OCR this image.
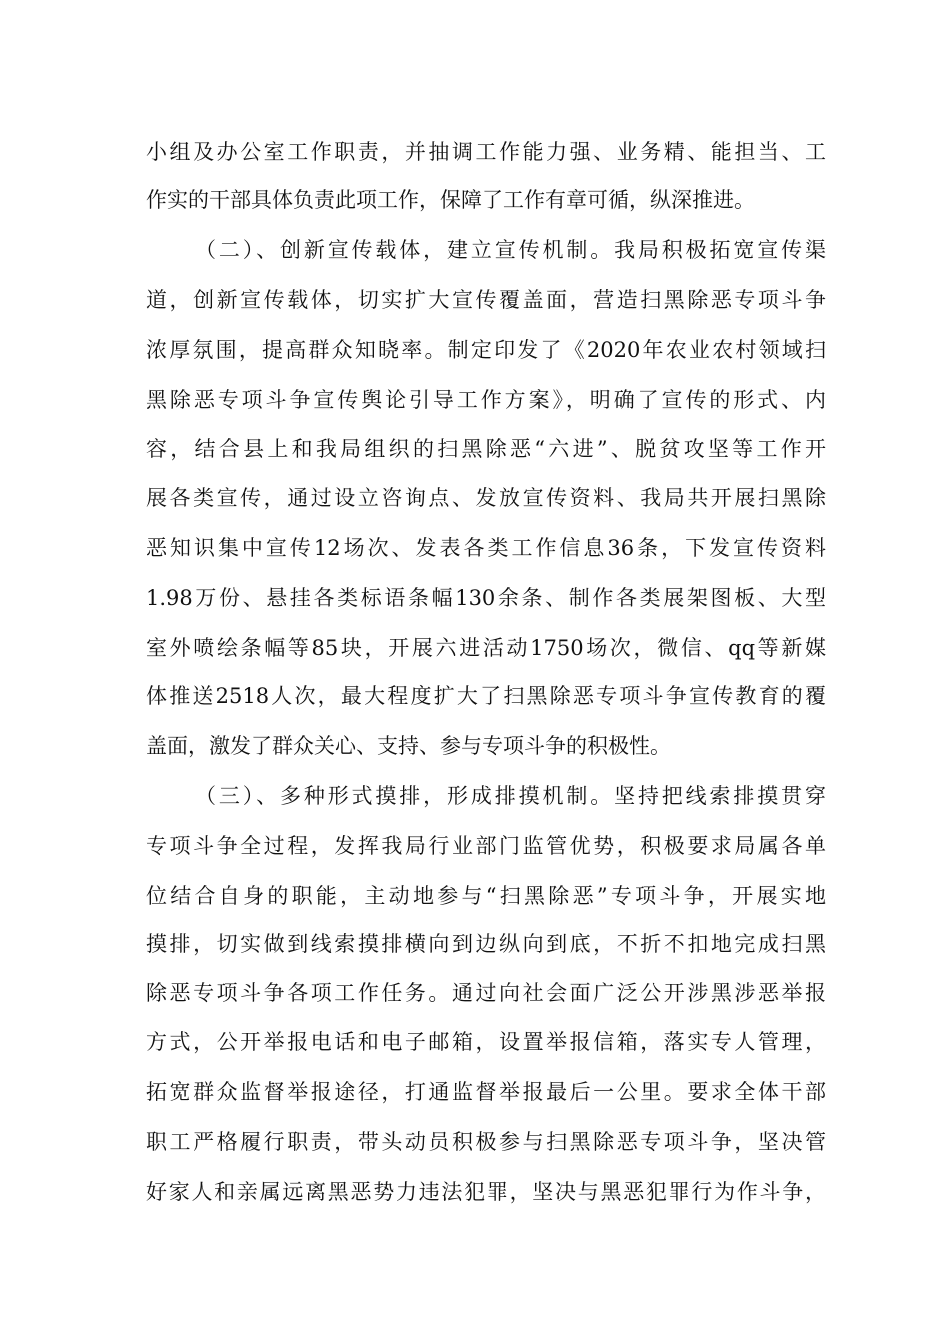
小组及办公室工作职责，并抽调工作能力强、业务精、能担当、工
作实的干部具体负责此项工作，保障了工作有章可循，纵深推进。
（二）、创新宣传载体，建立宣传机制。我局积极拓宽宣传渠
道，创新宣传载体，切实扩大宣传覆盖面，营造扫黑除恶专项斗争
浓厚氛围，提高群众知晓率。制定印发了《2020年农业农村领域扫
黑除恶专项斗争宣传舆论引导工作方案》，明确了宣传的形式、内
容，结合县上和我局组织的扫黑除恶“六进”、脱贫攻坚等工作开
展各类宣传，通过设立咨询点、发放宣传资料、我局共开展扫黑除
恶知识集中宣传12场次、发表各类工作信息36条，下发宣传资料
1.98万份、悬挂各类标语条幅130余条、制作各类展架图板、大型
室外喷绘条幅等85块，开展六进活动1750场次，微信、qq等新媒
体推送2518人次，最大程度扩大了扫黑除恶专项斗争宣传教育的覆
盖面，激发了群众关心、支持、参与专项斗争的积极性。
（三）、多种形式摸排，形成排摸机制。坚持把线索排摸贯穿
专项斗争全过程，发挥我局行业部门监管优势，积极要求局属各单
位结合自身的职能，主动地参与“扫黑除恶”专项斗争，开展实地
摸排，切实做到线索摸排横向到边纵向到底，不折不扣地完成扫黑
除恶专项斗争各项工作任务。通过向社会面广泛公开涉黑涉恶举报
方式，公开举报电话和电子邮箱，设置举报信箱，落实专人管理，
拓宽群众监督举报途径，打通监督举报最后一公里。要求全体干部
职工严格履行职责，带头动员积极参与扫黑除恶专项斗争，坚决管
好家人和亲属远离黑恶势力违法犯罪，坚决与黑恶犯罪行为作斗争，
